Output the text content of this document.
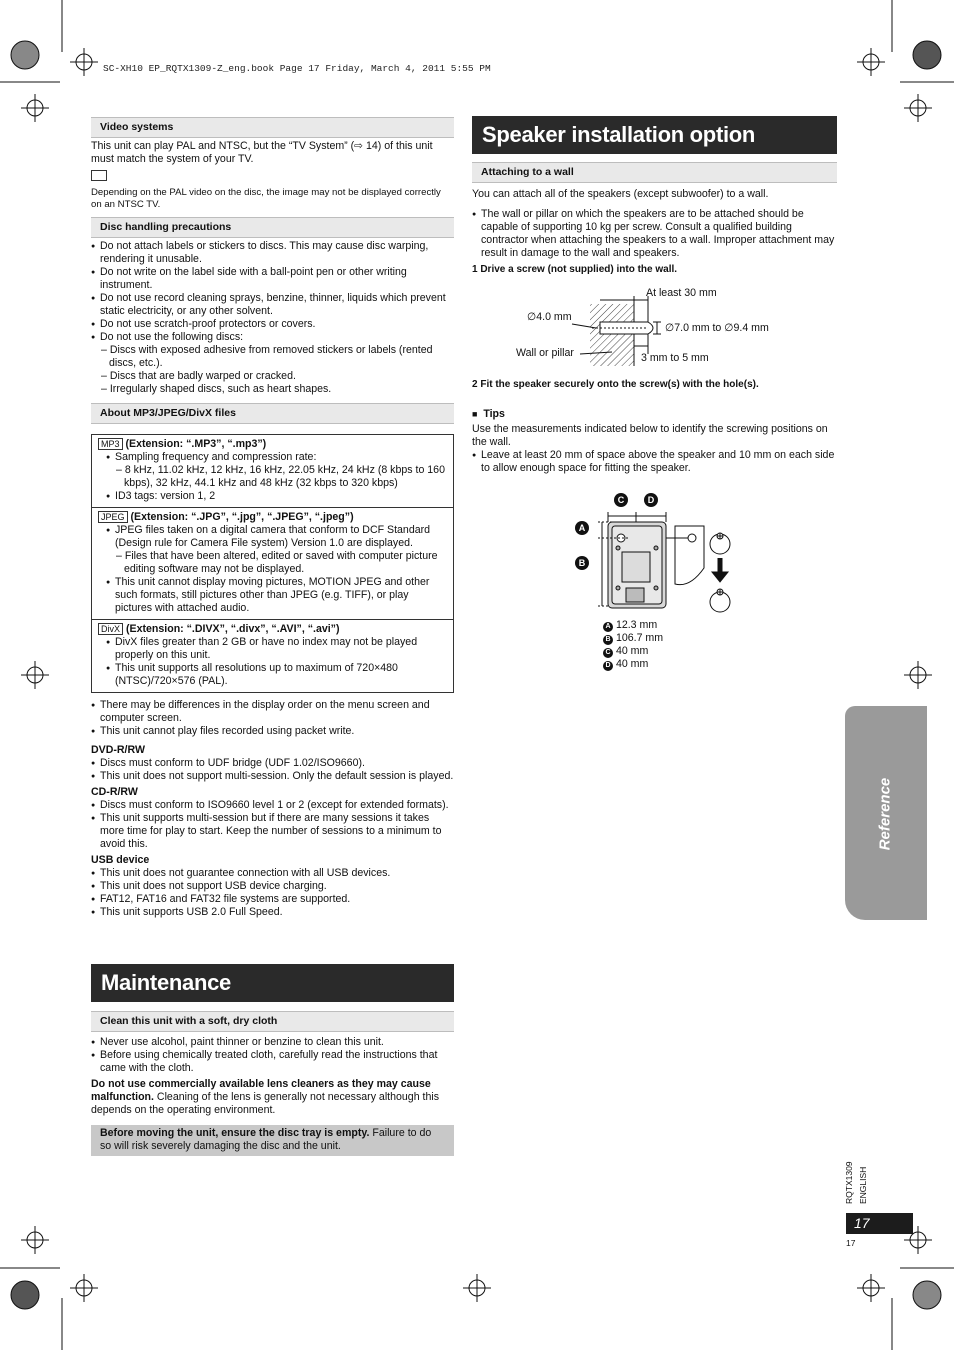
SC-XH10 EP_RQTX1309-Z_eng.book Page 17 Friday, March 4, 2011 5:55 PM
Video systems

This unit can play PAL and NTSC, but the “TV System” (⇨ 14) of this unit must match the system of your TV.

Depending on the PAL video on the disc, the image may not be displayed correctly on an NTSC TV.

Disc handling precautions

● Do not attach labels or stickers to discs. This may cause disc warping, rendering it unusable.

● Do not write on the label side with a ball-point pen or other writing instrument.

● Do not use record cleaning sprays, benzine, thinner, liquids which prevent static electricity, or any other solvent.

● Do not use scratch-proof protectors or covers.

● Do not use the following discs:

– Discs with exposed adhesive from removed stickers or labels (rented discs, etc.).

– Discs that are badly warped or cracked.

– Irregularly shaped discs, such as heart shapes.

About MP3/JPEG/DivX files

MP3 (Extension: “.MP3”, “.mp3”)

● Sampling frequency and compression rate:

– 8 kHz, 11.02 kHz, 12 kHz, 16 kHz, 22.05 kHz, 24 kHz (8 kbps to 160 kbps), 32 kHz, 44.1 kHz and 48 kHz (32 kbps to 320 kbps)

● ID3 tags: version 1, 2

JPEG (Extension: “.JPG”, “.jpg”, “.JPEG”, “.jpeg”)

● JPEG files taken on a digital camera that conform to DCF Standard (Design rule for Camera File system) Version 1.0 are displayed.

– Files that have been altered, edited or saved with computer picture editing software may not be displayed.

● This unit cannot display moving pictures, MOTION JPEG and other such formats, still pictures other than JPEG (e.g. TIFF), or play pictures with attached audio.

DivX (Extension: “.DIVX”, “.divx”, “.AVI”, “.avi”)

● DivX files greater than 2 GB or have no index may not be played properly on this unit.

● This unit supports all resolutions up to maximum of 720×480 (NTSC)/720×576 (PAL).

● There may be differences in the display order on the menu screen and computer screen.

● This unit cannot play files recorded using packet write.

DVD-R/RW

● Discs must conform to UDF bridge (UDF 1.02/ISO9660).

● This unit does not support multi-session. Only the default session is played.

CD-R/RW

● Discs must conform to ISO9660 level 1 or 2 (except for extended formats).

● This unit supports multi-session but if there are many sessions it takes more time for play to start. Keep the number of sessions to a minimum to avoid this.

USB device

● This unit does not guarantee connection with all USB devices.

● This unit does not support USB device charging.

● FAT12, FAT16 and FAT32 file systems are supported.

● This unit supports USB 2.0 Full Speed.

Maintenance
Clean this unit with a soft, dry cloth

● Never use alcohol, paint thinner or benzine to clean this unit.

● Before using chemically treated cloth, carefully read the instructions that came with the cloth.

Do not use commercially available lens cleaners as they may cause malfunction. Cleaning of the lens is generally not necessary although this depends on the operating environment.

Before moving the unit, ensure the disc tray is empty. Failure to do so will risk severely damaging the disc and the unit.

Speaker installation option
Attaching to a wall

You can attach all of the speakers (except subwoofer) to a wall.

● The wall or pillar on which the speakers are to be attached should be capable of supporting 10 kg per screw. Consult a qualified building contractor when attaching the speakers to a wall. Improper attachment may result in damage to the wall and speakers.

1 Drive a screw (not supplied) into the wall.

At least 30 mm
∅4.0 mm
∅7.0 mm to ∅9.4 mm
Wall or pillar	3 mm to 5 mm

2 Fit the speaker securely onto the screw(s) with the hole(s).

■ Tips

Use the measurements indicated below to identify the screwing positions on the wall.

● Leave at least 20 mm of space above the speaker and 10 mm on each side to allow enough space for fitting the speaker.

C	D
A
B

A 12.3 mm

B 106.7 mm

C 40 mm

D 40 mm

Reference
RQTX1309 ENGLISH
17
17
